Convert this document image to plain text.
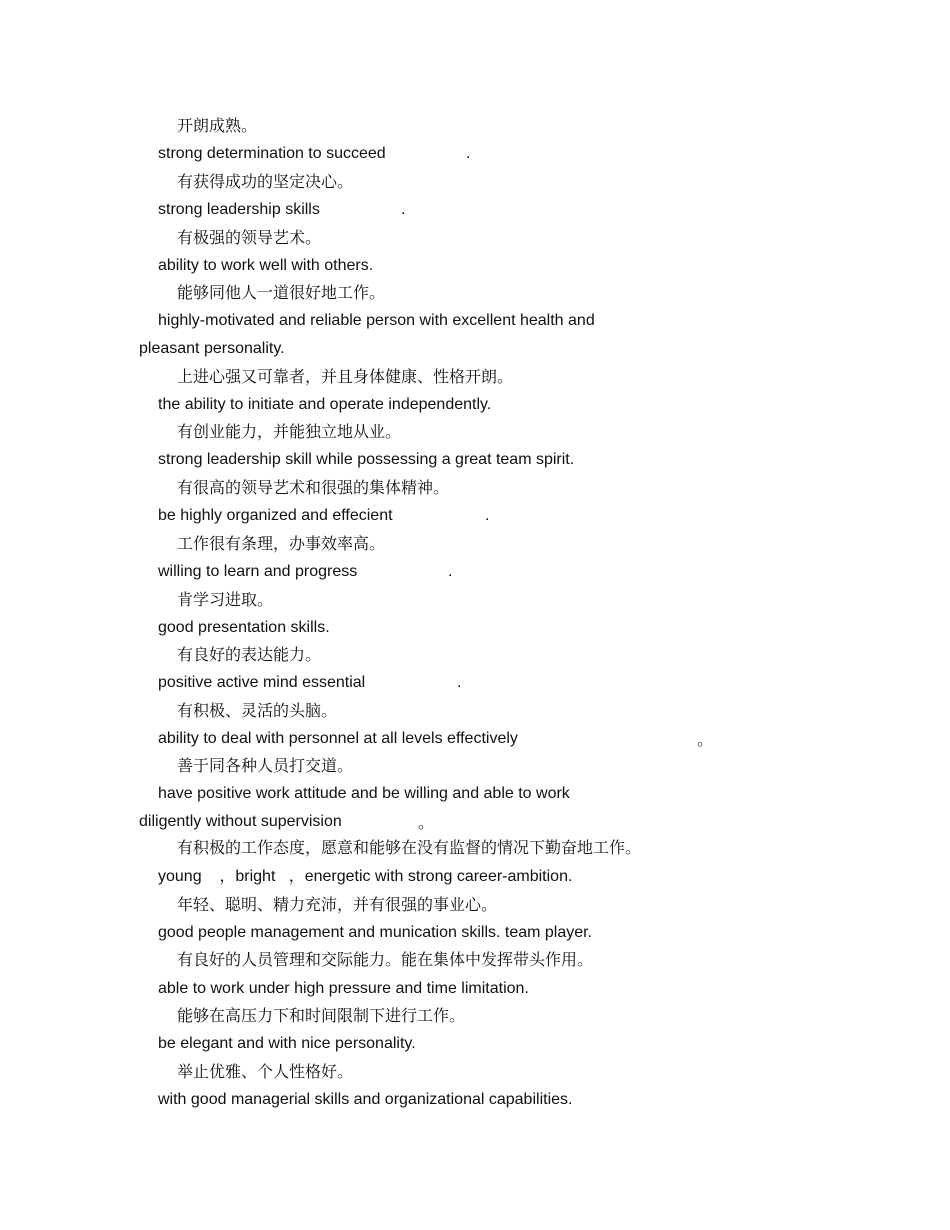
开朗成熟。
strong determination to succeed	.
有获得成功的坚定决心。
strong leadership skills	.
有极强的领导艺术。
ability to work well with others.
能够同他人一道很好地工作。
highly-motivated and reliable person with excellent health and
pleasant personality.
上进心强又可靠者，并且身体健康、性格开朗。
the ability to initiate and operate independently.
有创业能力，并能独立地从业。
strong leadership skill while possessing a great team spirit.
有很高的领导艺术和很强的集体精神。
be highly organized and effecient	.
工作很有条理，办事效率高。
willing to learn and progress	.
肯学习进取。
good presentation skills.
有良好的表达能力。
positive active mind essential	.
有积极、灵活的头脑。
ability to deal with personnel at all levels effectively	。
善于同各种人员打交道。
have positive work attitude and be willing and able to work
diligently without supervision	。
有积极的工作态度，愿意和能够在没有监督的情况下勤奋地工作。
young    ，bright   ，energetic with strong career-ambition.
年轻、聪明、精力充沛，并有很强的事业心。
good people management and munication skills. team player.
有良好的人员管理和交际能力。能在集体中发挥带头作用。
able to work under high pressure and time limitation.
能够在高压力下和时间限制下进行工作。
be elegant and with nice personality.
举止优雅、个人性格好。
with good managerial skills and organizational capabilities.
